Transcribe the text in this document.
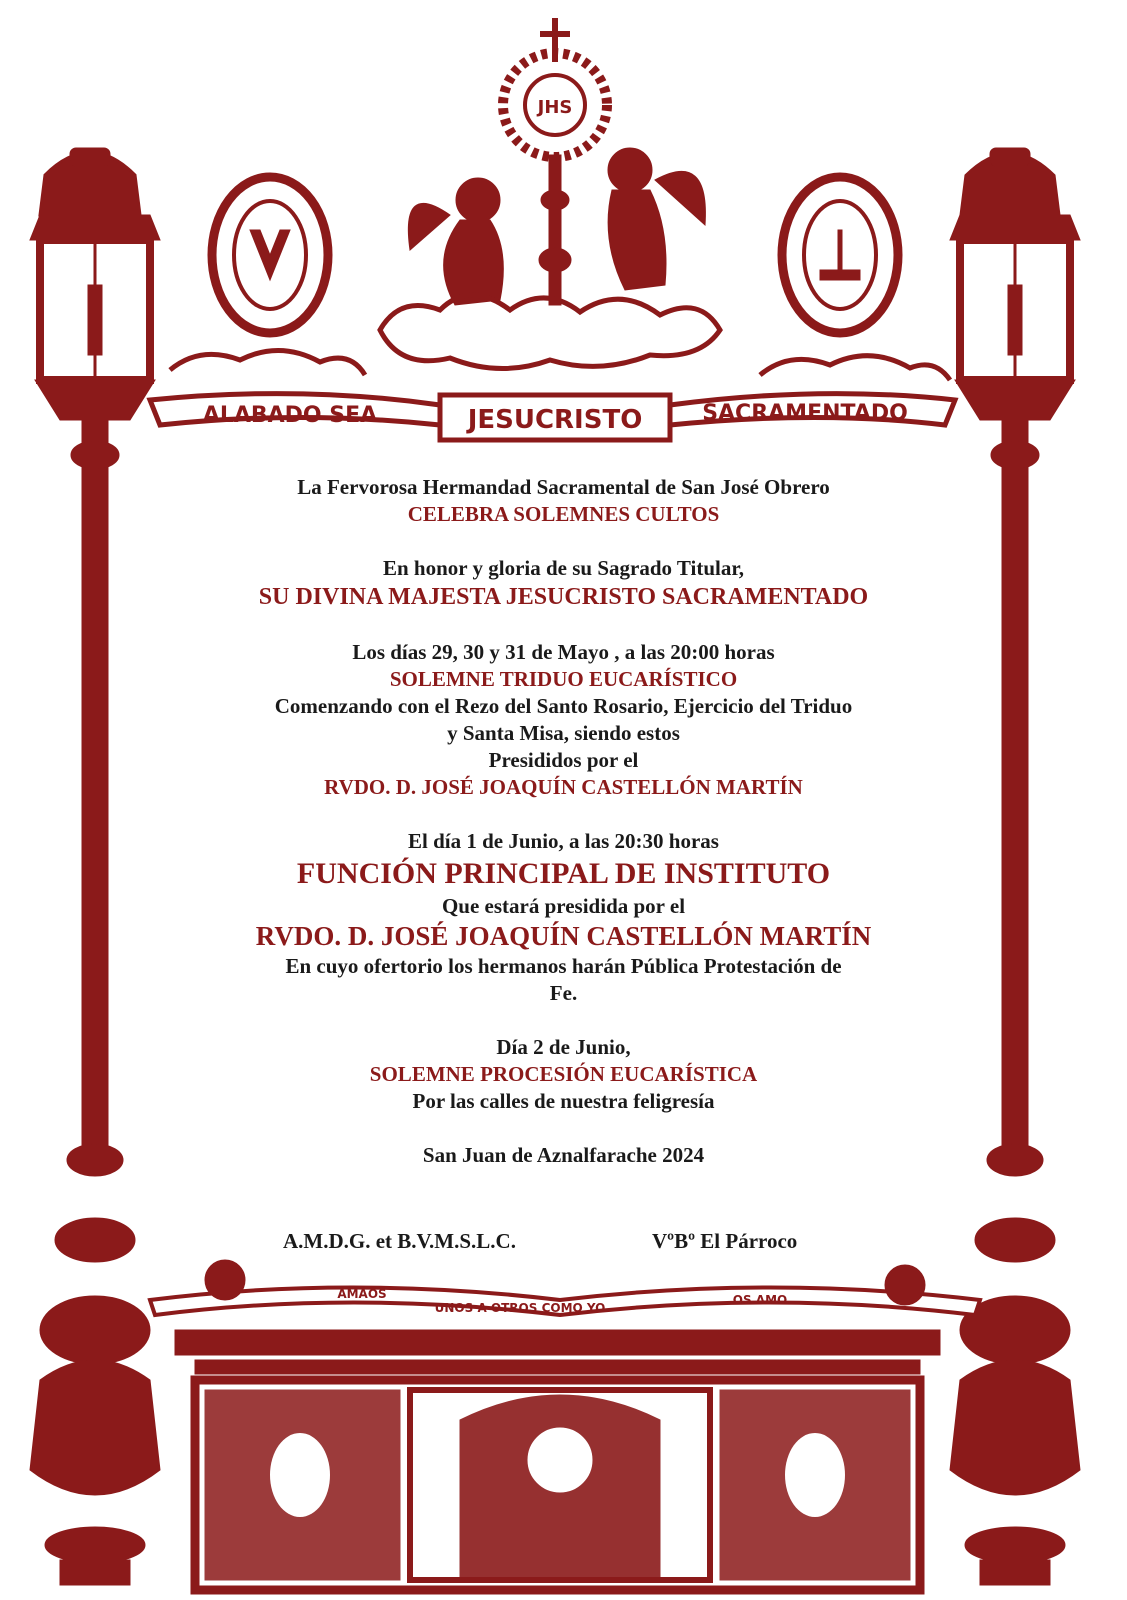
JHS
ALABADO SEA	JESUCRISTO	SACRAMENTADO
AMAOS
UNOS A OTROS COMO YO
OS AMO
La Fervorosa Hermandad Sacramental de San José Obrero
CELEBRA SOLEMNES CULTOS
En honor y gloria de su Sagrado Titular,
SU DIVINA MAJESTA JESUCRISTO SACRAMENTADO
Los días 29, 30 y 31 de Mayo , a las 20:00 horas
SOLEMNE TRIDUO EUCARÍSTICO
Comenzando con el Rezo del Santo Rosario, Ejercicio del Triduo
y Santa Misa, siendo estos
Presididos por el
RVDO. D. JOSÉ JOAQUÍN CASTELLÓN MARTÍN
El día 1 de Junio, a las 20:30 horas
FUNCIÓN PRINCIPAL DE INSTITUTO
Que estará presidida por el
RVDO. D. JOSÉ JOAQUÍN CASTELLÓN MARTÍN
En cuyo ofertorio los hermanos harán Pública Protestación de
Fe.
Día 2 de Junio,
SOLEMNE PROCESIÓN EUCARÍSTICA
Por las calles de nuestra feligresía
San Juan de Aznalfarache 2024
A.M.D.G. et B.V.M.S.L.C.	VºBº El Párroco
